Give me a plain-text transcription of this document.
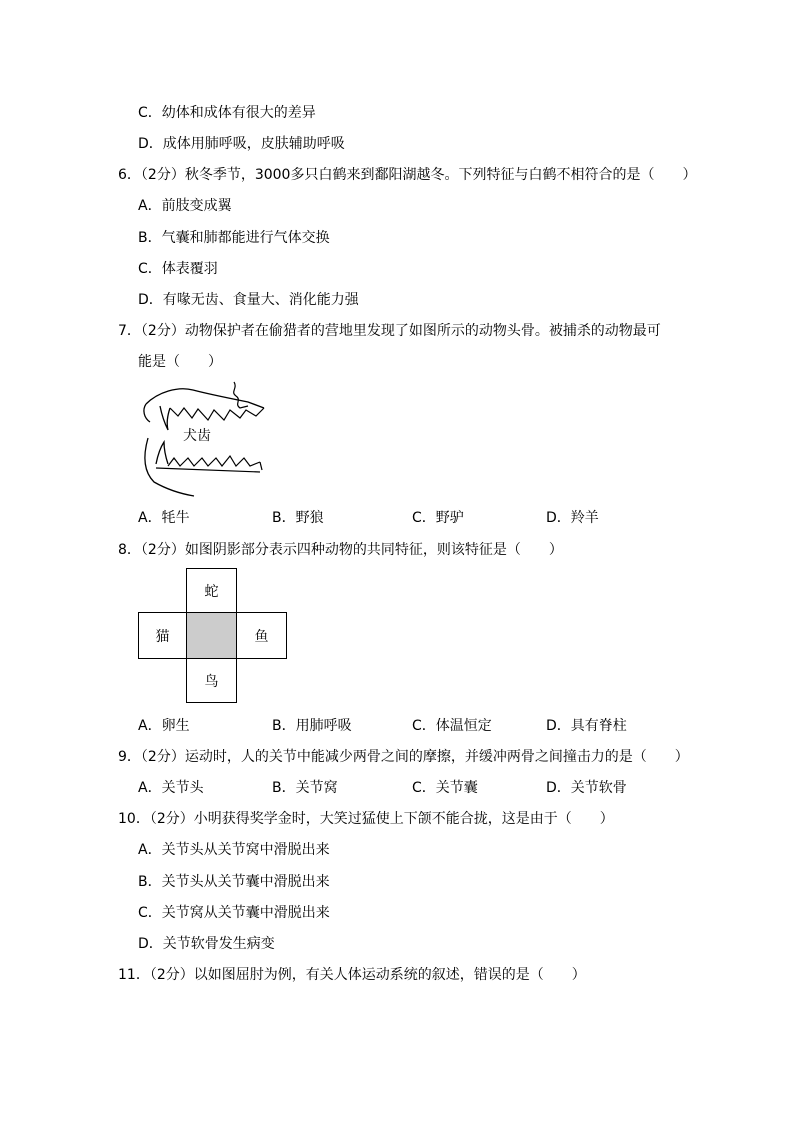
C．幼体和成体有很大的差异
D．成体用肺呼吸，皮肤辅助呼吸
6．（2分）秋冬季节，3000多只白鹤来到鄱阳湖越冬。下列特征与白鹤不相符合的是（　　）
A．前肢变成翼
B．气囊和肺都能进行气体交换
C．体表覆羽
D．有喙无齿、食量大、消化能力强
7．（2分）动物保护者在偷猎者的营地里发现了如图所示的动物头骨。被捕杀的动物最可
能是（　　）
犬齿
A．牦牛	B．野狼	C．野驴	D．羚羊
8．（2分）如图阴影部分表示四种动物的共同特征，则该特征是（　　）
蛇
猫	鱼
鸟
A．卵生	B．用肺呼吸	C．体温恒定	D．具有脊柱
9．（2分）运动时，人的关节中能减少两骨之间的摩擦，并缓冲两骨之间撞击力的是（　　）
A．关节头	B．关节窝	C．关节囊	D．关节软骨
10．（2分）小明获得奖学金时，大笑过猛使上下颌不能合拢，这是由于（　　）
A．关节头从关节窝中滑脱出来
B．关节头从关节囊中滑脱出来
C．关节窝从关节囊中滑脱出来
D．关节软骨发生病变
11．（2分）以如图屈肘为例，有关人体运动系统的叙述，错误的是（　　）
